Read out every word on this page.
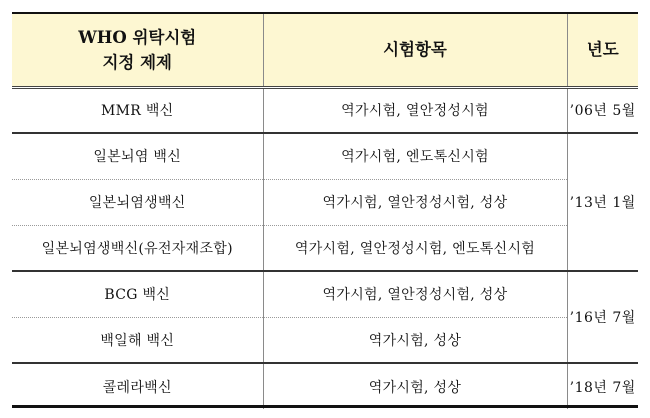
WHO 위탁시험
지정 제제	시험항목	년도
MMR 백신	역가시험, 열안정성시험	’06년 5월
일본뇌염 백신	역가시험, 엔도톡신시험	’13년 1월
일본뇌염생백신	역가시험, 열안정성시험, 성상	
일본뇌염생백신(유전자재조합)	역가시험, 열안정성시험, 엔도톡신시험	
BCG 백신	역가시험, 열안정성시험, 성상	’16년 7월
백일해 백신	역가시험, 성상	
콜레라백신	역가시험, 성상	’18년 7월
